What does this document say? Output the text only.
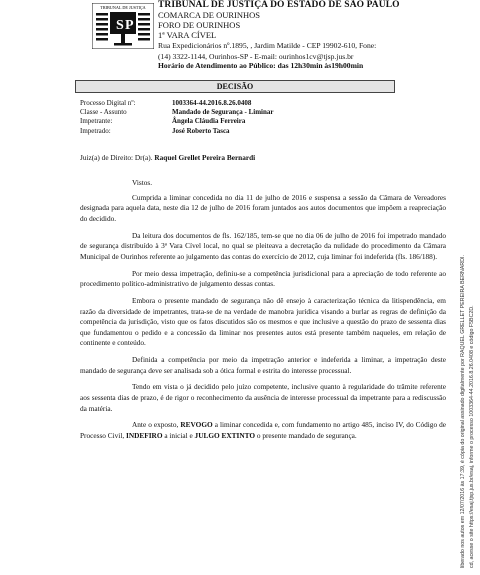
TRIBUNAL DE JUSTIÇA
S P
TRIBUNAL DE JUSTIÇA DO ESTADO DE SÃO PAULO
COMARCA DE OURINHOS
FORO DE OURINHOS
1ª VARA CÍVEL
Rua Expedicionários nº.1895, , Jardim Matilde - CEP 19902-610, Fone:
(14) 3322-1144, Ourinhos-SP - E-mail: ourinhos1cv@tjsp.jus.br
Horário de Atendimento ao Público: das 12h30min às19h00min
DECISÃO
Processo Digital nº:	1003364-44.2016.8.26.0408
Classe - Assunto	Mandado de Segurança - Liminar
Impetrante:	Ângela Cláudia Ferreira
Impetrado:	José Roberto Tasca
Juiz(a) de Direito: Dr(a). Raquel Grellet Pereira Bernardi

Vistos.

Cumprida a liminar concedida no dia 11 de julho de 2016 e suspensa a sessão da Câmara de Vereadores designada para aquela data, neste dia 12 de julho de 2016 foram juntados aos autos documentos que impõem a reapreciação do decidido.

Da leitura dos documentos de fls. 162/185, tem-se que no dia 06 de julho de 2016 foi impetrado mandado de segurança distribuído à 3ª Vara Cível local, no qual se pleiteava a decretação da nulidade do procedimento da Câmara Municipal de Ourinhos referente ao julgamento das contas do exercício de 2012, cuja liminar foi indeferida (fls. 186/188).

Por meio dessa impetração, definiu-se a competência jurisdicional para a apreciação de todo referente ao procedimento político-administrativo de julgamento dessas contas.

Embora o presente mandado de segurança não dê ensejo à caracterização técnica da litispendência, em razão da diversidade de impetrantes, trata-se de na verdade de manobra jurídica visando a burlar as regras de definição da competência da jurisdição, visto que os fatos discutidos são os mesmos e que inclusive a questão do prazo de sessenta dias que fundamentou o pedido e a concessão da liminar nos presentes autos está presente também naqueles, em relação de continente e conteúdo.

Definida a competência por meio da impetração anterior e indeferida a liminar, a impetração deste mandado de segurança deve ser analisada sob a ótica formal e estrita do interesse processual.

Tendo em vista o já decidido pelo juízo competente, inclusive quanto à regularidade do trâmite referente aos sessenta dias de prazo, é de rigor o reconhecimento da ausência de interesse processual da impetrante para a rediscussão da matéria.

Ante o exposto, REVOGO a liminar concedida e, com fundamento no artigo 485, inciso IV, do Código de Processo Civil, INDEFIRO a inicial e JULGO EXTINTO o presente mandado de segurança.	liberado nos autos em 12/07/2016 às 17:39, é cópia do original assinado digitalmente por RAQUEL GRELLET PEREIRA BERNARDI. cd, acesse o site https://esaj.tjsp.jus.br/esaj, informe o processo 1003364-44.2016.8.26.0408 e código F5BC2D.
